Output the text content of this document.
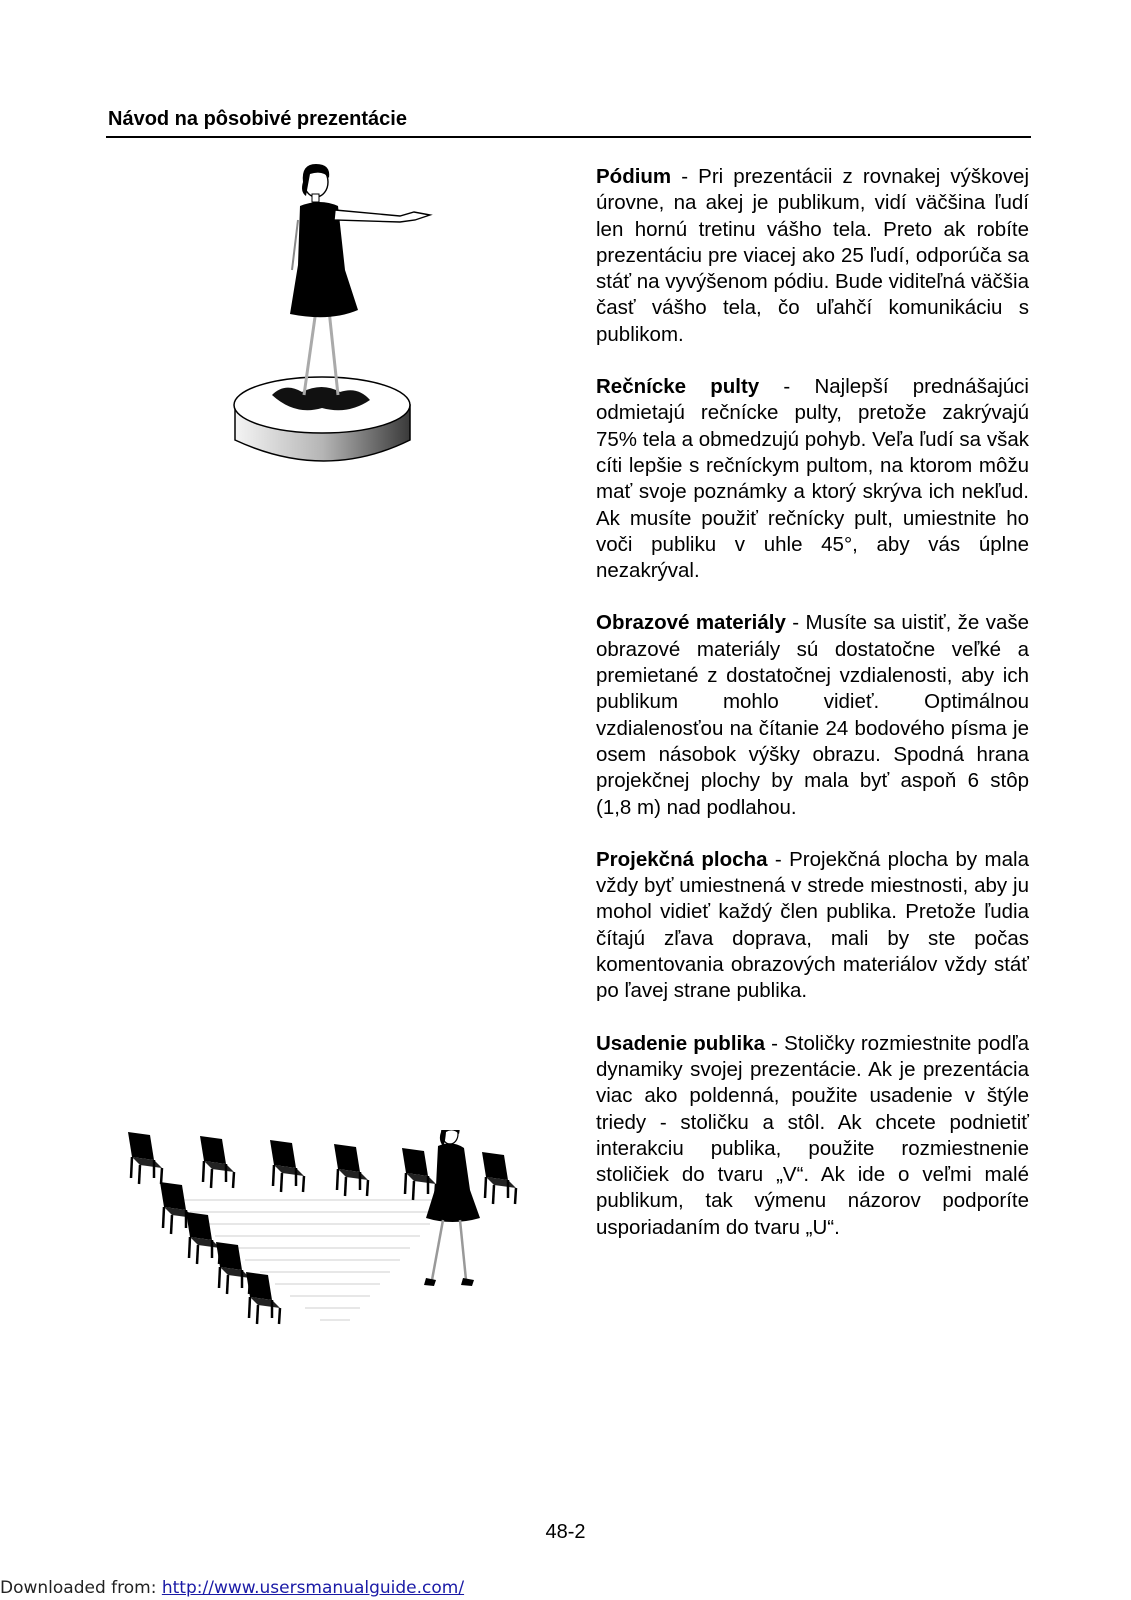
Návod na pôsobivé prezentácie

Pódium - Pri prezentácii z rovnakej výškovej úrovne, na akej je publikum, vidí väčšina ľudí len hornú tretinu vášho tela. Preto ak robíte prezentáciu pre viacej ako 25 ľudí, odporúča sa stáť na vyvýšenom pódiu. Bude viditeľná väčšia časť vášho tela, čo uľahčí komunikáciu s publikom.

Rečnícke pulty - Najlepší prednášajúci odmietajú rečnícke pulty, pretože zakrývajú 75% tela a obmedzujú pohyb. Veľa ľudí sa však cíti lepšie s rečníckym pultom, na ktorom môžu mať svoje poznámky a ktorý skrýva ich nekľud. Ak musíte použiť rečnícky pult, umiestnite ho voči publiku v uhle 45°, aby vás úplne nezakrýval.

Obrazové materiály - Musíte sa uistiť, že vaše obrazové materiály sú dostatočne veľké a premietané z dostatočnej vzdialenosti, aby ich publikum mohlo vidieť. Optimálnou vzdialenosťou na čítanie 24 bodového písma je osem násobok výšky obrazu. Spodná hrana projekčnej plochy by mala byť aspoň 6 stôp (1,8 m) nad podlahou.

Projekčná plocha - Projekčná plocha by mala vždy byť umiestnená v strede miestnosti, aby ju mohol vidieť každý člen publika. Pretože ľudia čítajú zľava doprava, mali by ste počas komentovania obrazových materiálov vždy stáť po ľavej strane publika.

Usadenie publika - Stoličky rozmiestnite podľa dynamiky svojej prezentácie. Ak je prezentácia viac ako poldenná, použite usadenie v štýle triedy - stoličku a stôl. Ak chcete podnietiť interakciu publika, použite rozmiestnenie stoličiek do tvaru „V“. Ak ide o veľmi malé publikum, tak výmenu názorov podporíte usporiadaním do tvaru „U“.

48-2
Downloaded from: http://www.usersmanualguide.com/
